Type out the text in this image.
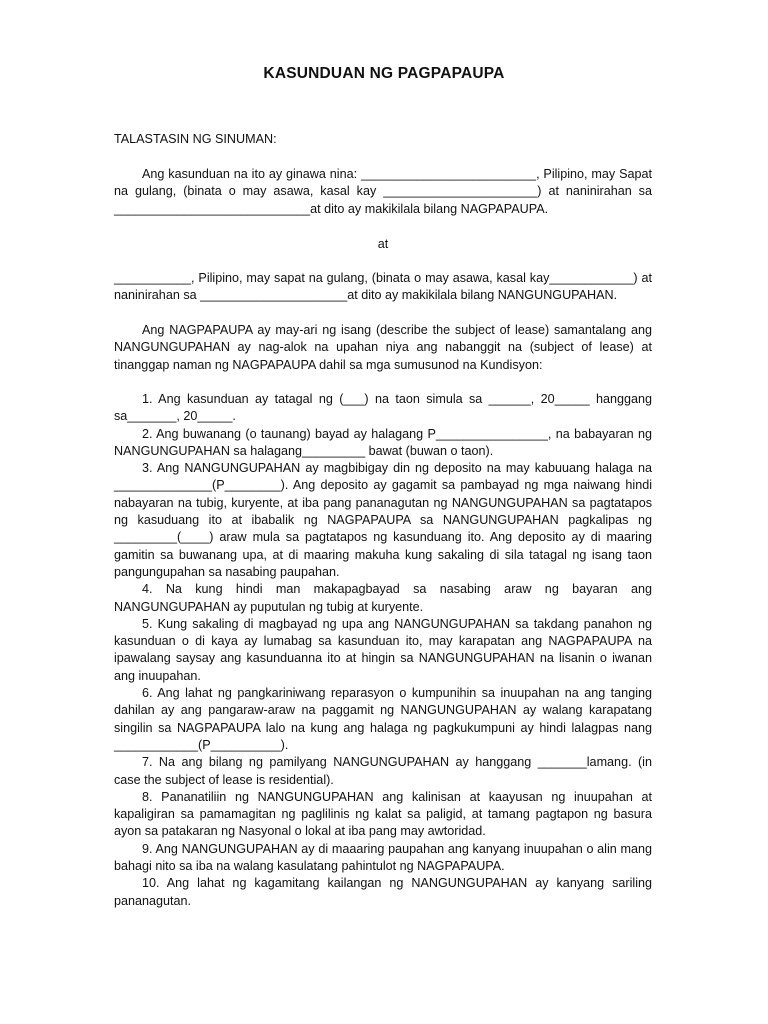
KASUNDUAN NG PAGPAPAUPA
TALASTASIN NG SINUMAN:

Ang kasunduan na ito ay ginawa nina: _________________________, Pilipino, may Sapat na gulang, (binata o may asawa, kasal kay ______________________) at naninirahan sa ____________________________at dito ay makikilala bilang NAGPAPAUPA.

at

___________, Pilipino, may sapat na gulang, (binata o may asawa, kasal kay____________) at naninirahan sa _____________________at dito ay makikilala bilang NANGUNGUPAHAN.

Ang NAGPAPAUPA ay may-ari ng isang (describe the subject of lease) samantalang ang NANGUNGUPAHAN ay nag-alok na upahan niya ang nabanggit na (subject of lease) at tinanggap naman ng NAGPAPAUPA dahil sa mga sumusunod na Kundisyon:

1. Ang kasunduan ay tatagal ng (___) na taon simula sa ______, 20_____ hanggang sa_______, 20_____.

2. Ang buwanang (o taunang) bayad ay halagang P________________, na babayaran ng NANGUNGUPAHAN sa halagang_________ bawat (buwan o taon).

3. Ang NANGUNGUPAHAN ay magbibigay din ng deposito na may kabuuang halaga na ______________(P________). Ang deposito ay gagamit sa pambayad ng mga naiwang hindi nabayaran na tubig, kuryente, at iba pang pananagutan ng NANGUNGUPAHAN sa pagtatapos ng kasuduang ito at ibabalik ng NAGPAPAUPA sa NANGUNGUPAHAN pagkalipas ng _________(____) araw mula sa pagtatapos ng kasunduang ito. Ang deposito ay di maaring gamitin sa buwanang upa, at di maaring makuha kung sakaling di sila tatagal ng isang taon pangungupahan sa nasabing paupahan.

4. Na kung hindi man makapagbayad sa nasabing araw ng bayaran ang NANGUNGUPAHAN ay puputulan ng tubig at kuryente.

5. Kung sakaling di magbayad ng upa ang NANGUNGUPAHAN sa takdang panahon ng kasunduan o di kaya ay lumabag sa kasunduan ito, may karapatan ang NAGPAPAUPA na ipawalang saysay ang kasunduanna ito at hingin sa NANGUNGUPAHAN na lisanin o iwanan ang inuupahan.

6. Ang lahat ng pangkariniwang reparasyon o kumpunihin sa inuupahan na ang tanging dahilan ay ang pangaraw-araw na paggamit ng NANGUNGUPAHAN ay walang karapatang singilin sa NAGPAPAUPA lalo na kung ang halaga ng pagkukumpuni ay hindi lalagpas nang ____________(P__________).

7. Na ang bilang ng pamilyang NANGUNGUPAHAN ay hanggang _______lamang. (in case the subject of lease is residential).

8. Pananatiliin ng NANGUNGUPAHAN ang kalinisan at kaayusan ng inuupahan at kapaligiran sa pamamagitan ng paglilinis ng kalat sa paligid, at tamang pagtapon ng basura ayon sa patakaran ng Nasyonal o lokal at iba pang may awtoridad.

9. Ang NANGUNGUPAHAN ay di maaaring paupahan ang kanyang inuupahan o alin mang bahagi nito sa iba na walang kasulatang pahintulot ng NAGPAPAUPA.

10. Ang lahat ng kagamitang kailangan ng NANGUNGUPAHAN ay kanyang sariling pananagutan.
